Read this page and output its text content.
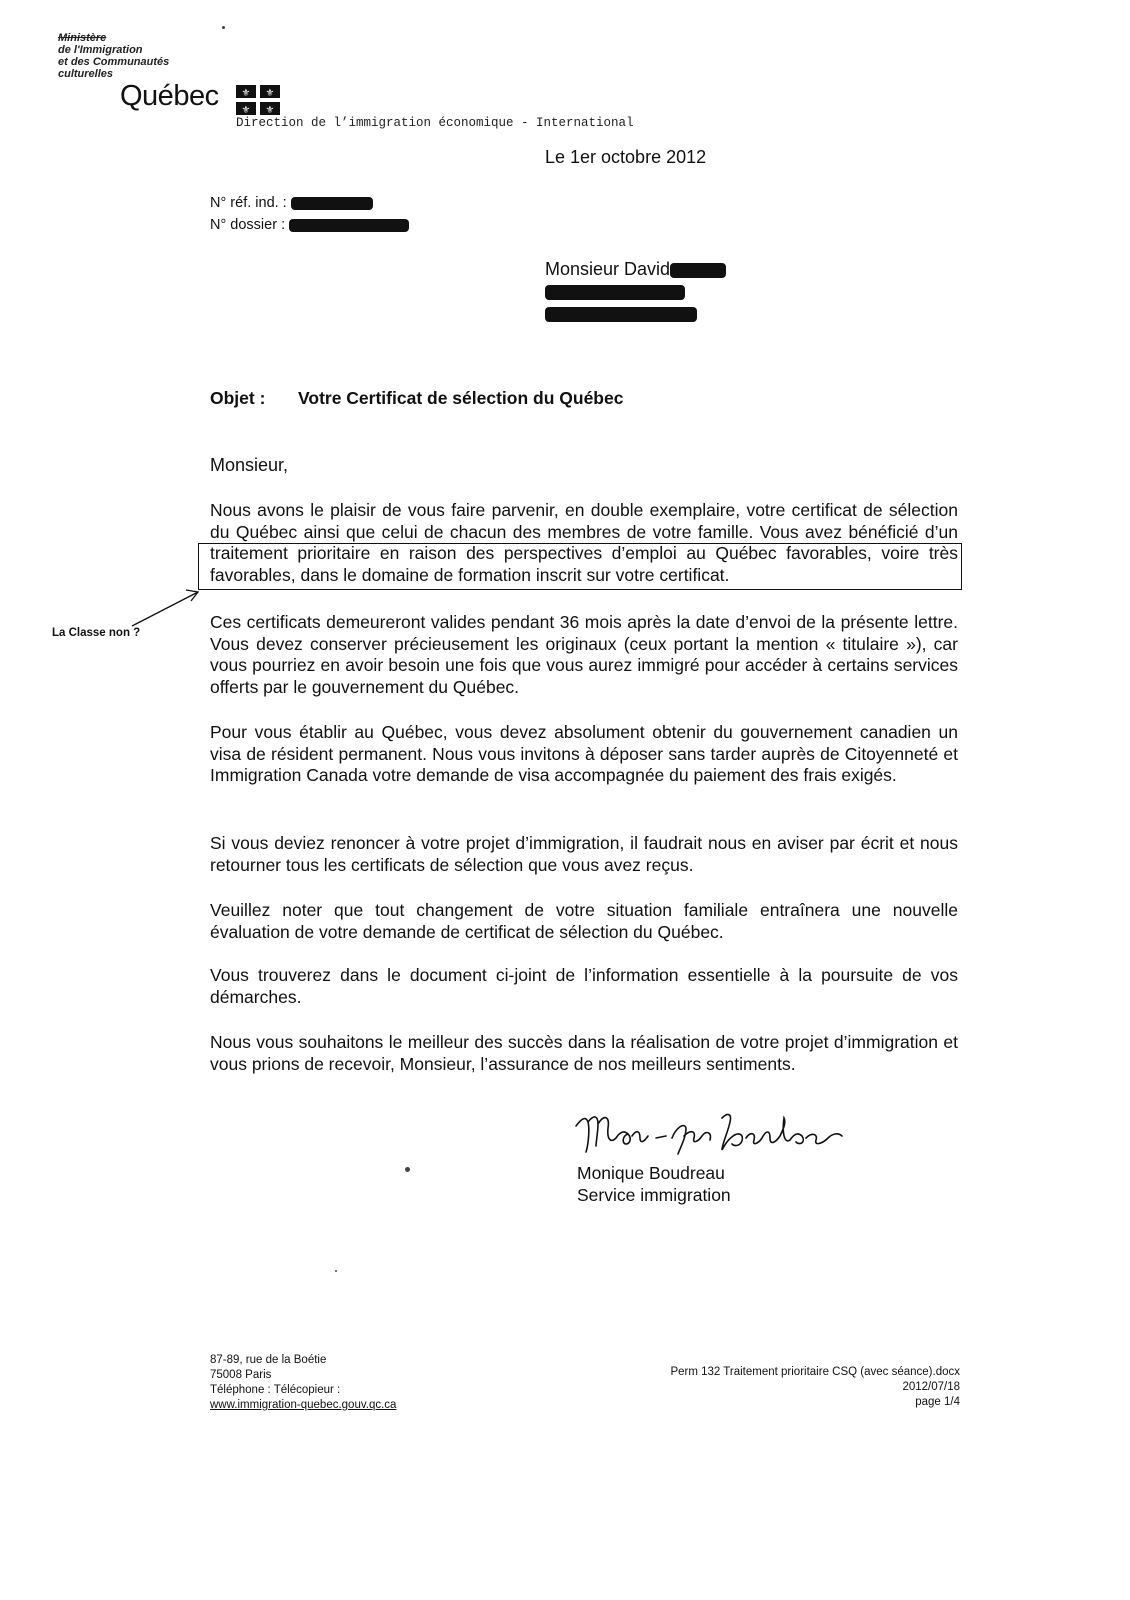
Ministère
de l'Immigration
et des Communautés
culturelles
Québec ⚜ ⚜
⚜ ⚜
Direction de l’immigration économique - International
Le 1er octobre 2012
N° réf. ind. :
N° dossier :
Monsieur David
Objet : Votre Certificat de sélection du Québec
Monsieur,
Nous avons le plaisir de vous faire parvenir, en double exemplaire, votre certificat de sélection du Québec ainsi que celui de chacun des membres de votre famille. Vous avez bénéficié d’un traitement prioritaire en raison des perspectives d’emploi au Québec favorables, voire très favorables, dans le domaine de formation inscrit sur votre certificat.
La Classe non ?
Ces certificats demeureront valides pendant 36 mois après la date d’envoi de la présente lettre. Vous devez conserver précieusement les originaux (ceux portant la mention « titulaire »), car vous pourriez en avoir besoin une fois que vous aurez immigré pour accéder à certains services offerts par le gouvernement du Québec.
Pour vous établir au Québec, vous devez absolument obtenir du gouvernement canadien un visa de résident permanent. Nous vous invitons à déposer sans tarder auprès de Citoyenneté et Immigration Canada votre demande de visa accompagnée du paiement des frais exigés.
Si vous deviez renoncer à votre projet d’immigration, il faudrait nous en aviser par écrit et nous retourner tous les certificats de sélection que vous avez reçus.
Veuillez noter que tout changement de votre situation familiale entraînera une nouvelle évaluation de votre demande de certificat de sélection du Québec.
Vous trouverez dans le document ci-joint de l’information essentielle à la poursuite de vos démarches.
Nous vous souhaitons le meilleur des succès dans la réalisation de votre projet d’immigration et vous prions de recevoir, Monsieur, l’assurance de nos meilleurs sentiments.
Monique Boudreau
Service immigration
87-89, rue de la Boétie
75008 Paris
Téléphone : Télécopieur :
www.immigration-quebec.gouv.qc.ca
Perm 132 Traitement prioritaire CSQ (avec séance).docx
2012/07/18
page 1/4
